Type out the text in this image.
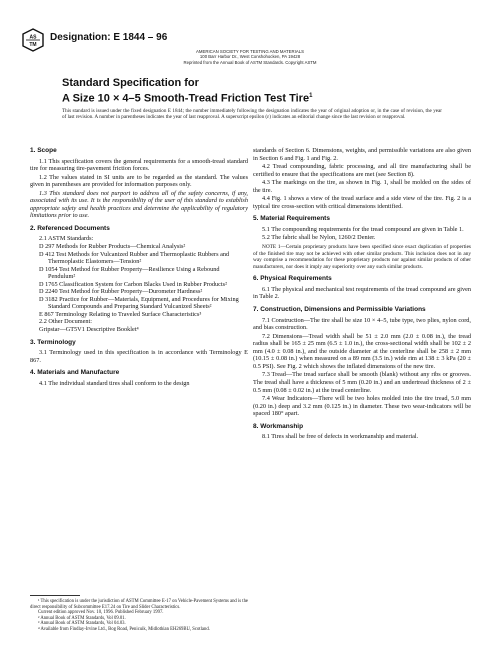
AS
TM
Designation: E 1844 – 96
AMERICAN SOCIETY FOR TESTING AND MATERIALS
100 Barr Harbor Dr., West Conshohocken, PA 19428
Reprinted from the Annual Book of ASTM Standards. Copyright ASTM
Standard Specification for
A Size 10 × 4–5 Smooth-Tread Friction Test Tire$^1$
This standard is issued under the fixed designation E 1844; the number immediately following the designation indicates the year of original adoption or, in the case of revision, the year of last revision. A number in parentheses indicates the year of last reapproval. A superscript epsilon (ε) indicates an editorial change since the last revision or reapproval.
1. Scope
1.1 This specification covers the general requirements for a smooth-tread standard tire for measuring tire-pavement friction forces.
1.2 The values stated in SI units are to be regarded as the standard. The values given in parentheses are provided for information purposes only.
1.3 This standard does not purport to address all of the safety concerns, if any, associated with its use. It is the responsibility of the user of this standard to establish appropriate safety and health practices and determine the applicability of regulatory limitations prior to use.
2. Referenced Documents
2.1 ASTM Standards:
D 297 Methods for Rubber Products—Chemical Analysis²
D 412 Test Methods for Vulcanized Rubber and Thermoplastic Rubbers and Thermoplastic Elastomers—Tension²
D 1054 Test Method for Rubber Property—Resilience Using a Rebound Pendulum²
D 1765 Classification System for Carbon Blacks Used in Rubber Products²
D 2240 Test Method for Rubber Property—Durometer Hardness²
D 3182 Practice for Rubber—Materials, Equipment, and Procedures for Mixing Standard Compounds and Preparing Standard Vulcanized Sheets²
E 867 Terminology Relating to Traveled Surface Characteristics³
2.2 Other Document:
Gripstar—GT5V1 Descriptive Booklet⁴
3. Terminology
3.1 Terminology used in this specification is in accordance with Terminology E 867.
4. Materials and Manufacture
4.1 The individual standard tires shall conform to the design
standards of Section 6. Dimensions, weights, and permissible variations are also given in Section 6 and Fig. 1 and Fig. 2.
4.2 Tread compounding, fabric processing, and all tire manufacturing shall be certified to ensure that the specifications are met (see Section 8).
4.3 The markings on the tire, as shown in Fig. 1, shall be molded on the sides of the tire.
4.4 Fig. 1 shows a view of the tread surface and a side view of the tire. Fig. 2 is a typical tire cross-section with critical dimensions identified.
5. Material Requirements
5.1 The compounding requirements for the tread compound are given in Table 1.
5.2 The fabric shall be Nylon, 1260/2 Denier.
NOTE 1—Certain proprietary products have been specified since exact duplication of properties of the finished tire may not be achieved with other similar products. This inclusion does not in any way comprise a recommendation for these proprietary products nor against similar products of other manufacturers, nor does it imply any superiority over any such similar products.
6. Physical Requirements
6.1 The physical and mechanical test requirements of the tread compound are given in Table 2.
7. Construction, Dimensions and Permissible Variations
7.1 Construction—The tire shall be size 10 × 4–5, tube type, two plies, nylon cord, and bias construction.
7.2 Dimensions—Tread width shall be 51 ± 2.0 mm (2.0 ± 0.08 in.), the tread radius shall be 165 ± 25 mm (6.5 ± 1.0 in.), the cross-sectional width shall be 102 ± 2 mm (4.0 ± 0.08 in.), and the outside diameter at the centerline shall be 258 ± 2 mm (10.15 ± 0.08 in.) when measured on a 89 mm (3.5 in.) wide rim at 138 ± 3 kPa (20 ± 0.5 PSI). See Fig. 2 which shows the inflated dimensions of the new tire.
7.3 Tread—The tread surface shall be smooth (blank) without any ribs or grooves. The tread shall have a thickness of 5 mm (0.20 in.) and an undertread thickness of 2 ± 0.5 mm (0.08 ± 0.02 in.) at the tread centerline.
7.4 Wear Indicators—There will be two holes molded into the tire tread, 5.0 mm (0.20 in.) deep and 3.2 mm (0.125 in.) in diameter. These two wear-indicators will be spaced 180° apart.
8. Workmanship
8.1 Tires shall be free of defects in workmanship and material.
¹ This specification is under the jurisdiction of ASTM Committee E-17 on Vehicle-Pavement Systems and is the direct responsibility of Subcommittee E17.24 on Tire and Slider Characteristics.
Current edition approved Nov. 10, 1996. Published February 1997.
² Annual Book of ASTM Standards, Vol 09.01.
³ Annual Book of ASTM Standards, Vol 04.03.
⁴ Available from Findlay-Irvine Ltd., Bog Road, Penicuik, Midlothian EH269BU, Scotland.
